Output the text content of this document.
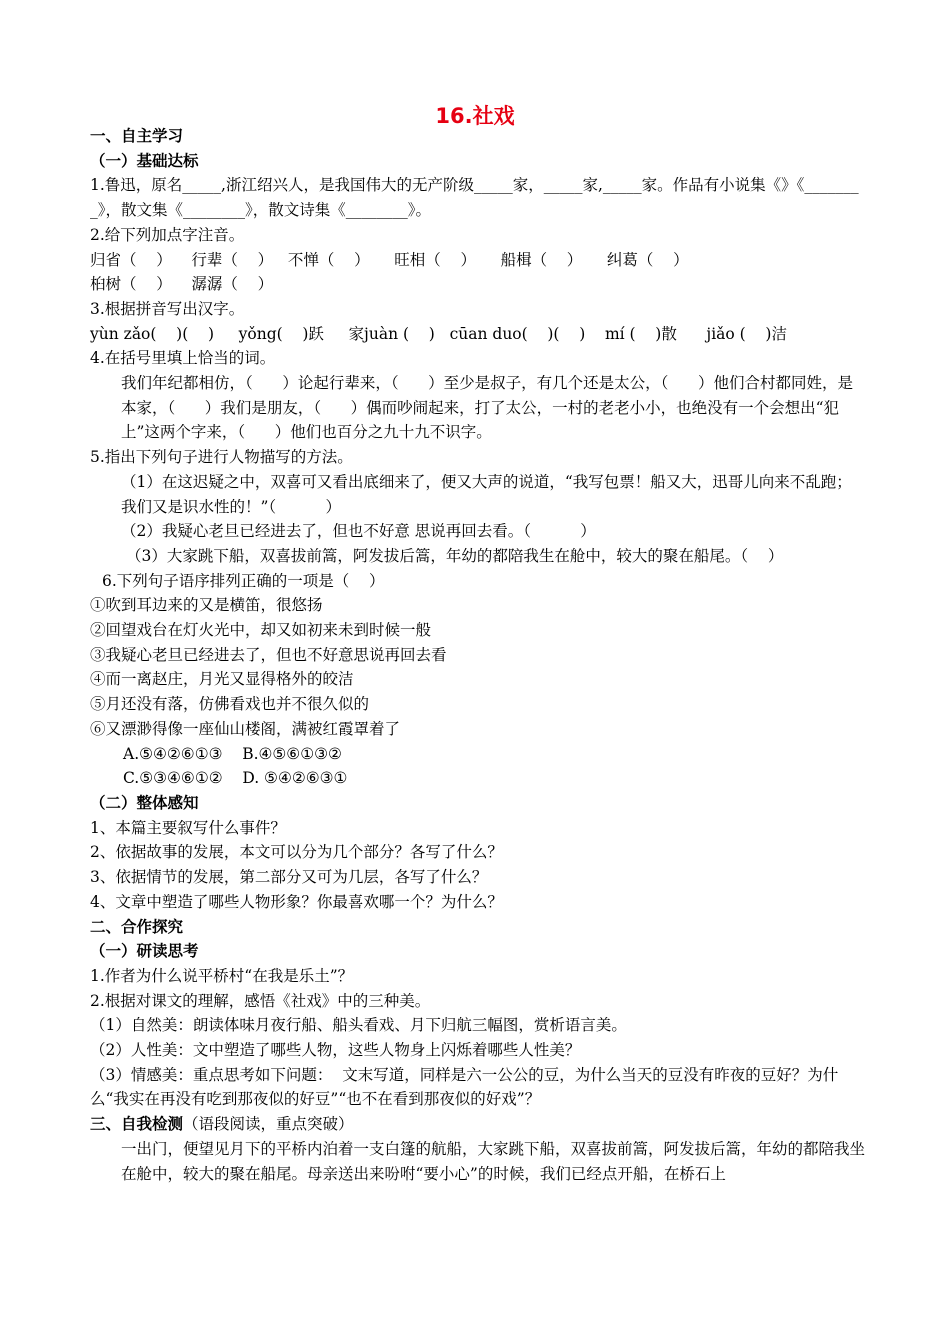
16.社戏
一、自主学习
（一）基础达标
1.鲁迅，原名_____,浙江绍兴人，是我国伟大的无产阶级_____家，_____家,_____家。作品有小说集《》《________》，散文集《________》，散文诗集《________》。
2.给下列加点字注音。
归省（    ）    行辈（    ）   不惮（    ）     旺相（    ）     船楫（    ）     纠葛（    ）
桕树（    ）    潺潺（    ）
3.根据拼音写出汉字。
yùn zǎo(    )(    )     yǒng(    )跃     家juàn (    )   cūan duo(    )(    )    mí (    )散      jiǎo (    )洁
4.在括号里填上恰当的词。
我们年纪都相仿，（      ）论起行辈来，（      ）至少是叔子，有几个还是太公，（      ）他们合村都同姓，是本家，（      ）我们是朋友，（      ）偶而吵闹起来，打了太公，一村的老老小小，也绝没有一个会想出“犯上”这两个字来，（      ）他们也百分之九十九不识字。
5.指出下列句子进行人物描写的方法。
（1）在这迟疑之中，双喜可又看出底细来了，便又大声的说道，“我写包票！船又大，迅哥儿向来不乱跑；我们又是识水性的！”（          ）
（2）我疑心老旦已经进去了，但也不好意 思说再回去看。（          ）
（3）大家跳下船，双喜拔前篙，阿发拔后篙，年幼的都陪我生在舱中，较大的聚在船尾。（    ）
6.下列句子语序排列正确的一项是（    ）
①吹到耳边来的又是横笛，很悠扬
②回望戏台在灯火光中，却又如初来未到时候一般
③我疑心老旦已经进去了，但也不好意思说再回去看
④而一离赵庄，月光又显得格外的皎洁
⑤月还没有落，仿佛看戏也并不很久似的
⑥又漂渺得像一座仙山楼阁，满被红霞罩着了
A.⑤④②⑥①③    B.④⑤⑥①③②
C.⑤③④⑥①②    D. ⑤④②⑥③①
（二）整体感知
1、本篇主要叙写什么事件？
2、依据故事的发展，本文可以分为几个部分？各写了什么？
3、依据情节的发展，第二部分又可为几层，各写了什么？
4、文章中塑造了哪些人物形象？你最喜欢哪一个？为什么？
二、合作探究
（一）研读思考
1.作者为什么说平桥村“在我是乐土”？
2.根据对课文的理解，感悟《社戏》中的三种美。
（1）自然美：朗读体味月夜行船、船头看戏、月下归航三幅图，赏析语言美。
（2）人性美：文中塑造了哪些人物，这些人物身上闪烁着哪些人性美？
（3）情感美：重点思考如下问题：  文末写道，同样是六一公公的豆，为什么当天的豆没有昨夜的豆好？为什么“我实在再没有吃到那夜似的好豆”“也不在看到那夜似的好戏”？
三、自我检测（语段阅读，重点突破）
一出门，便望见月下的平桥内泊着一支白篷的航船，大家跳下船，双喜拔前篙，阿发拔后篙，年幼的都陪我坐在舱中，较大的聚在船尾。母亲送出来吩咐“要小心”的时候，我们已经点开船，在桥石上
